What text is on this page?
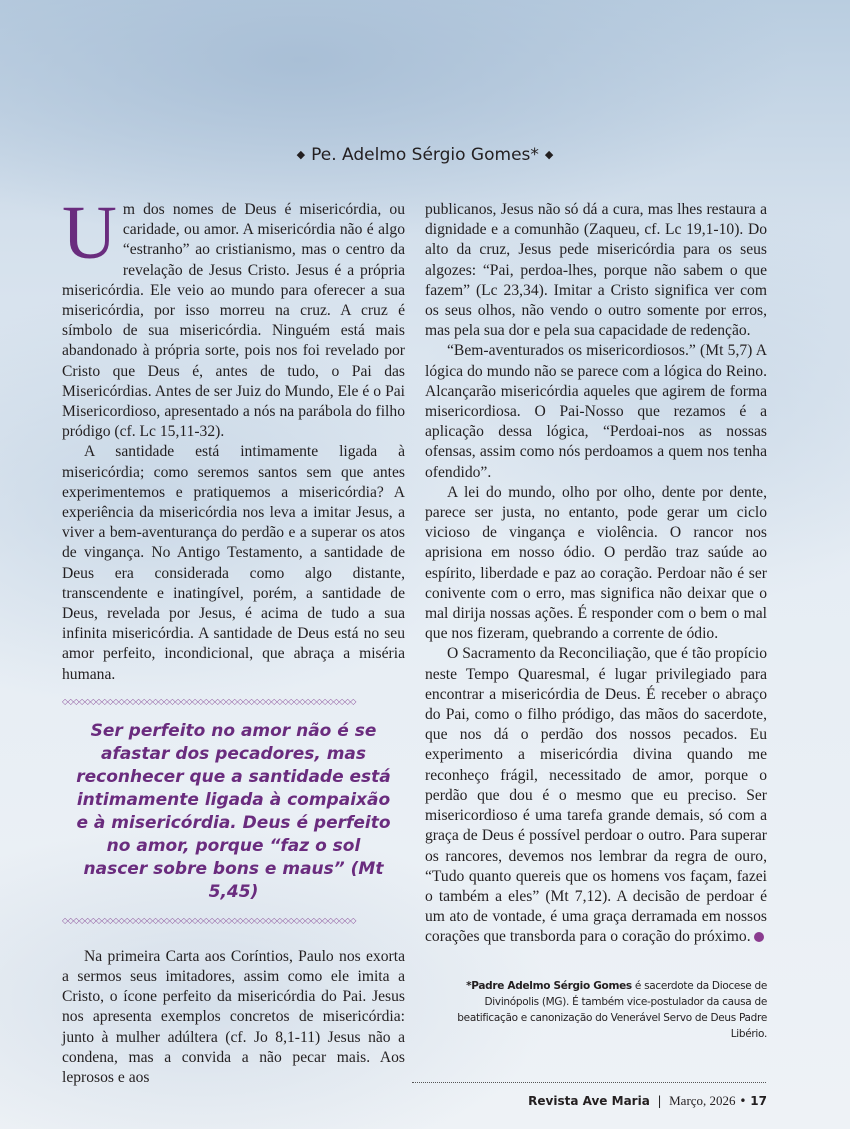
◆ Pe. Adelmo Sérgio Gomes* ◆

Um dos nomes de Deus é misericórdia, ou caridade, ou amor. A misericórdia não é algo “estranho” ao cristianismo, mas o centro da revelação de Jesus Cristo. Jesus é a própria misericórdia. Ele veio ao mundo para oferecer a sua misericórdia, por isso morreu na cruz. A cruz é símbolo de sua misericórdia. Ninguém está mais abandonado à própria sorte, pois nos foi revelado por Cristo que Deus é, antes de tudo, o Pai das Misericórdias. Antes de ser Juiz do Mundo, Ele é o Pai Misericordioso, apresentado a nós na parábola do filho pródigo (cf. Lc 15,11-32).

A santidade está intimamente ligada à misericórdia; como seremos santos sem que antes experimentemos e pratiquemos a misericórdia? A experiência da misericórdia nos leva a imitar Jesus, a viver a bem-aventurança do perdão e a superar os atos de vingança. No Antigo Testamento, a santidade de Deus era considerada como algo distante, transcendente e inatingível, porém, a santidade de Deus, revelada por Jesus, é acima de tudo a sua infinita misericórdia. A santidade de Deus está no seu amor perfeito, incondicional, que abraça a miséria humana.

◇◇◇◇◇◇◇◇◇◇◇◇◇◇◇◇◇◇◇◇◇◇◇◇◇◇◇◇◇◇◇◇◇◇◇◇◇◇◇◇◇◇◇◇◇◇◇◇◇◇◇◇
Ser perfeito no amor não é se afastar dos pecadores, mas reconhecer que a santidade está intimamente ligada à compaixão e à misericórdia. Deus é perfeito no amor, porque “faz o sol nascer sobre bons e maus” (Mt 5,45)
◇◇◇◇◇◇◇◇◇◇◇◇◇◇◇◇◇◇◇◇◇◇◇◇◇◇◇◇◇◇◇◇◇◇◇◇◇◇◇◇◇◇◇◇◇◇◇◇◇◇◇◇

Na primeira Carta aos Coríntios, Paulo nos exorta a sermos seus imitadores, assim como ele imita a Cristo, o ícone perfeito da misericórdia do Pai. Jesus nos apresenta exemplos concretos de misericórdia: junto à mulher adúltera (cf. Jo 8,1-11) Jesus não a condena, mas a convida a não pecar mais. Aos leprosos e aos

publicanos, Jesus não só dá a cura, mas lhes restaura a dignidade e a comunhão (Zaqueu, cf. Lc 19,1-10). Do alto da cruz, Jesus pede misericórdia para os seus algozes: “Pai, perdoa-lhes, porque não sabem o que fazem” (Lc 23,34). Imitar a Cristo significa ver com os seus olhos, não vendo o outro somente por erros, mas pela sua dor e pela sua capacidade de redenção.

“Bem-aventurados os misericordiosos.” (Mt 5,7) A lógica do mundo não se parece com a lógica do Reino. Alcançarão misericórdia aqueles que agirem de forma misericordiosa. O Pai-Nosso que rezamos é a aplicação dessa lógica, “Perdoai-nos as nossas ofensas, assim como nós perdoamos a quem nos tenha ofendido”.

A lei do mundo, olho por olho, dente por dente, parece ser justa, no entanto, pode gerar um ciclo vicioso de vingança e violência. O rancor nos aprisiona em nosso ódio. O perdão traz saúde ao espírito, liberdade e paz ao coração. Perdoar não é ser conivente com o erro, mas significa não deixar que o mal dirija nossas ações. É responder com o bem o mal que nos fizeram, quebrando a corrente de ódio.

O Sacramento da Reconciliação, que é tão propício neste Tempo Quaresmal, é lugar privilegiado para encontrar a misericórdia de Deus. É receber o abraço do Pai, como o filho pródigo, das mãos do sacerdote, que nos dá o perdão dos nossos pecados. Eu experimento a misericórdia divina quando me reconheço frágil, necessitado de amor, porque o perdão que dou é o mesmo que eu preciso. Ser misericordioso é uma tarefa grande demais, só com a graça de Deus é possível perdoar o outro. Para superar os rancores, devemos nos lembrar da regra de ouro, “Tudo quanto quereis que os homens vos façam, fazei o também a eles” (Mt 7,12). A decisão de perdoar é um ato de vontade, é uma graça derramada em nossos corações que transborda para o coração do próximo.

*Padre Adelmo Sérgio Gomes é sacerdote da Diocese de Divinópolis (MG). É também vice-postulador da causa de beatificação e canonização do Venerável Servo de Deus Padre Libério.
Revista Ave Maria | Março, 2026 • 17
